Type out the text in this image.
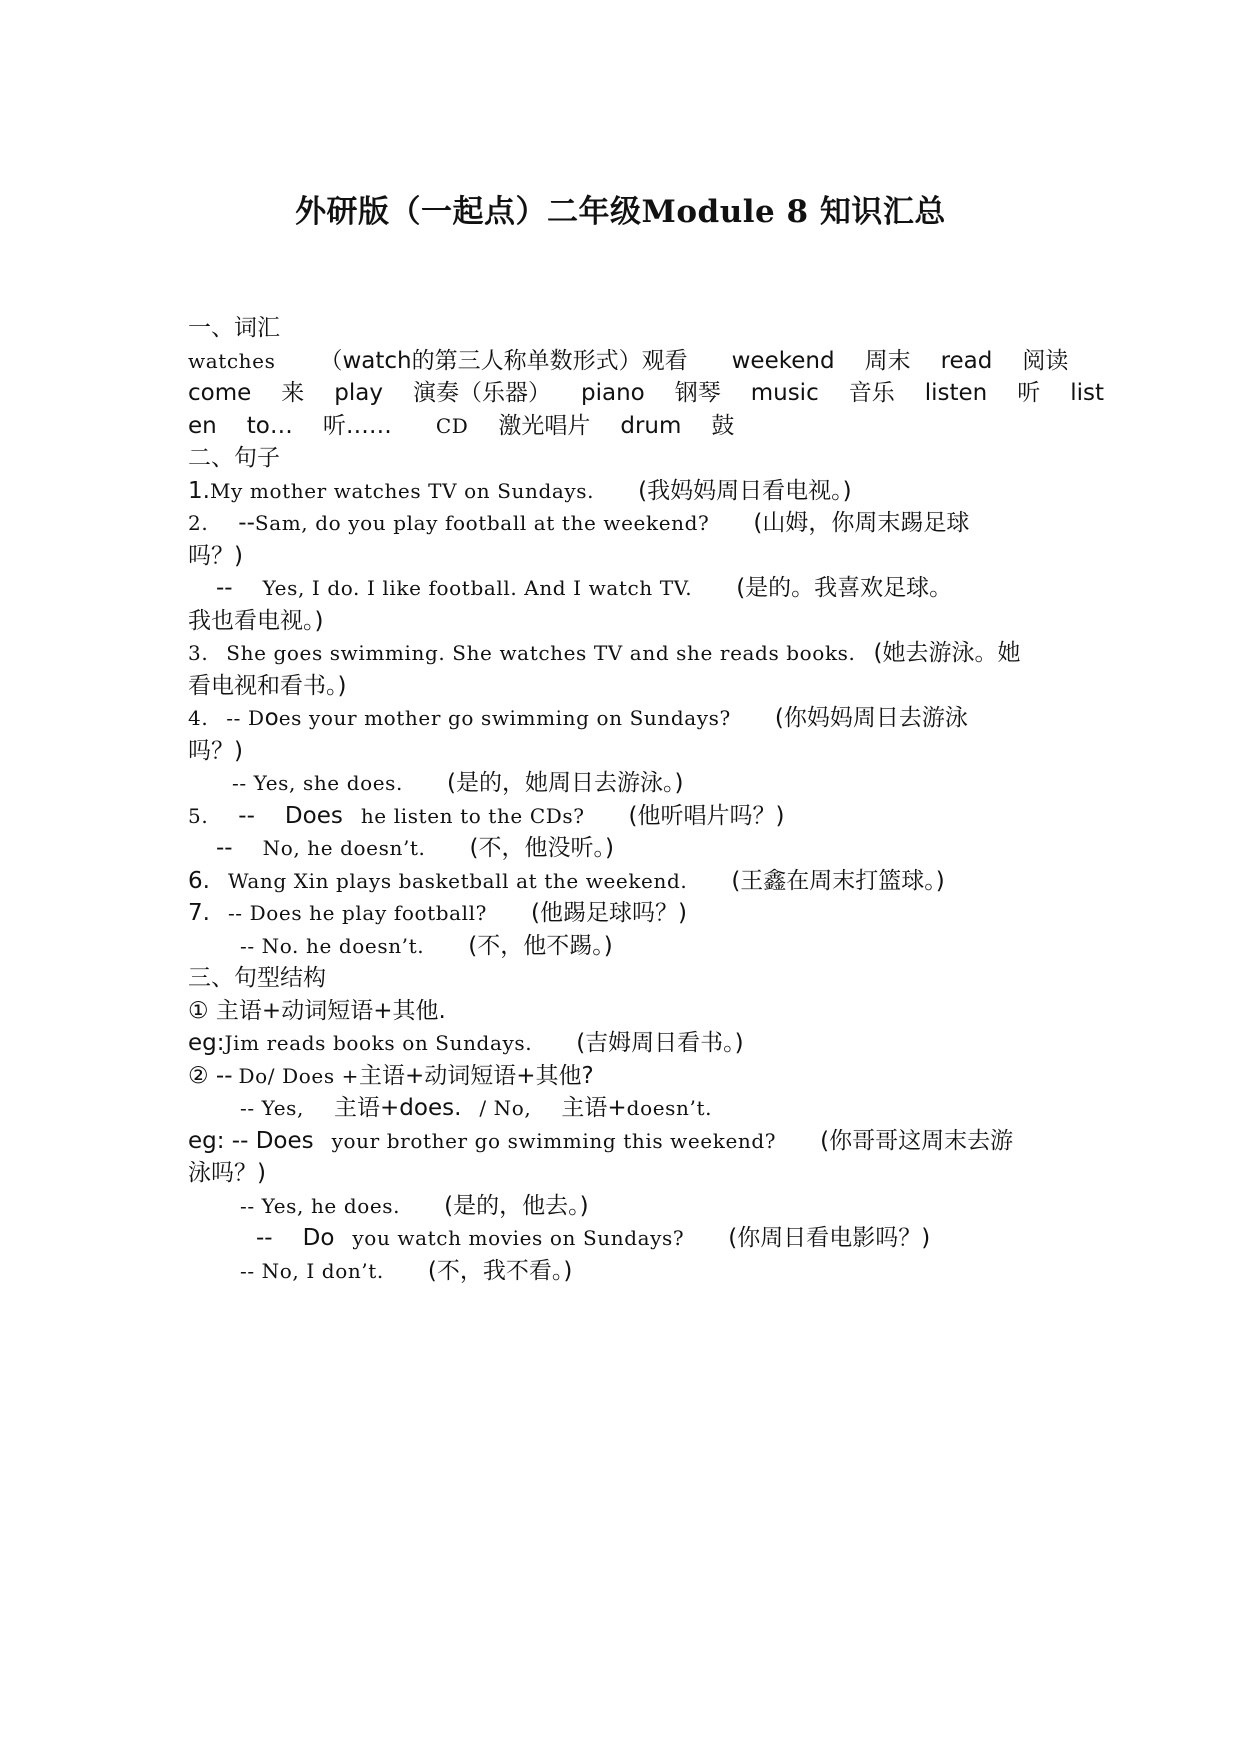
外研版（一起点）二年级Module 8 知识汇总
一、词汇
watches （watch的第三人称单数形式）观看 weekend 周末 read 阅读
come 来 play 演奏（乐器） piano 钢琴 music 音乐 listen 听 list
en to… 听…… CD 激光唱片 drum 鼓
二、句子
1.My mother watches TV on Sundays. (我妈妈周日看电视。)
2. --Sam, do you play football at the weekend? (山姆，你周末踢足球
吗？)
-- Yes, I do. I like football. And I watch TV. (是的。我喜欢足球。
我也看电视。)
3. She goes swimming. She watches TV and she reads books. (她去游泳。她
看电视和看书。)
4. -- Does your mother go swimming on Sundays? (你妈妈周日去游泳
吗？)
-- Yes, she does. (是的，她周日去游泳。)
5. -- Does he listen to the CDs? (他听唱片吗？)
-- No, he doesn’t. (不，他没听。)
6. Wang Xin plays basketball at the weekend. (王鑫在周末打篮球。)
7. -- Does he play football? (他踢足球吗？)
-- No. he doesn’t. (不，他不踢。)
三、句型结构
① 主语+动词短语+其他.
eg:Jim reads books on Sundays. (吉姆周日看书。)
② -- Do/ Does +主语+动词短语+其他?
-- Yes, 主语+does. / No, 主语+doesn’t.
eg: -- Does your brother go swimming this weekend? (你哥哥这周末去游
泳吗？)
-- Yes, he does. (是的，他去。)
-- Do you watch movies on Sundays? (你周日看电影吗？)
-- No, I don’t. (不，我不看。)
